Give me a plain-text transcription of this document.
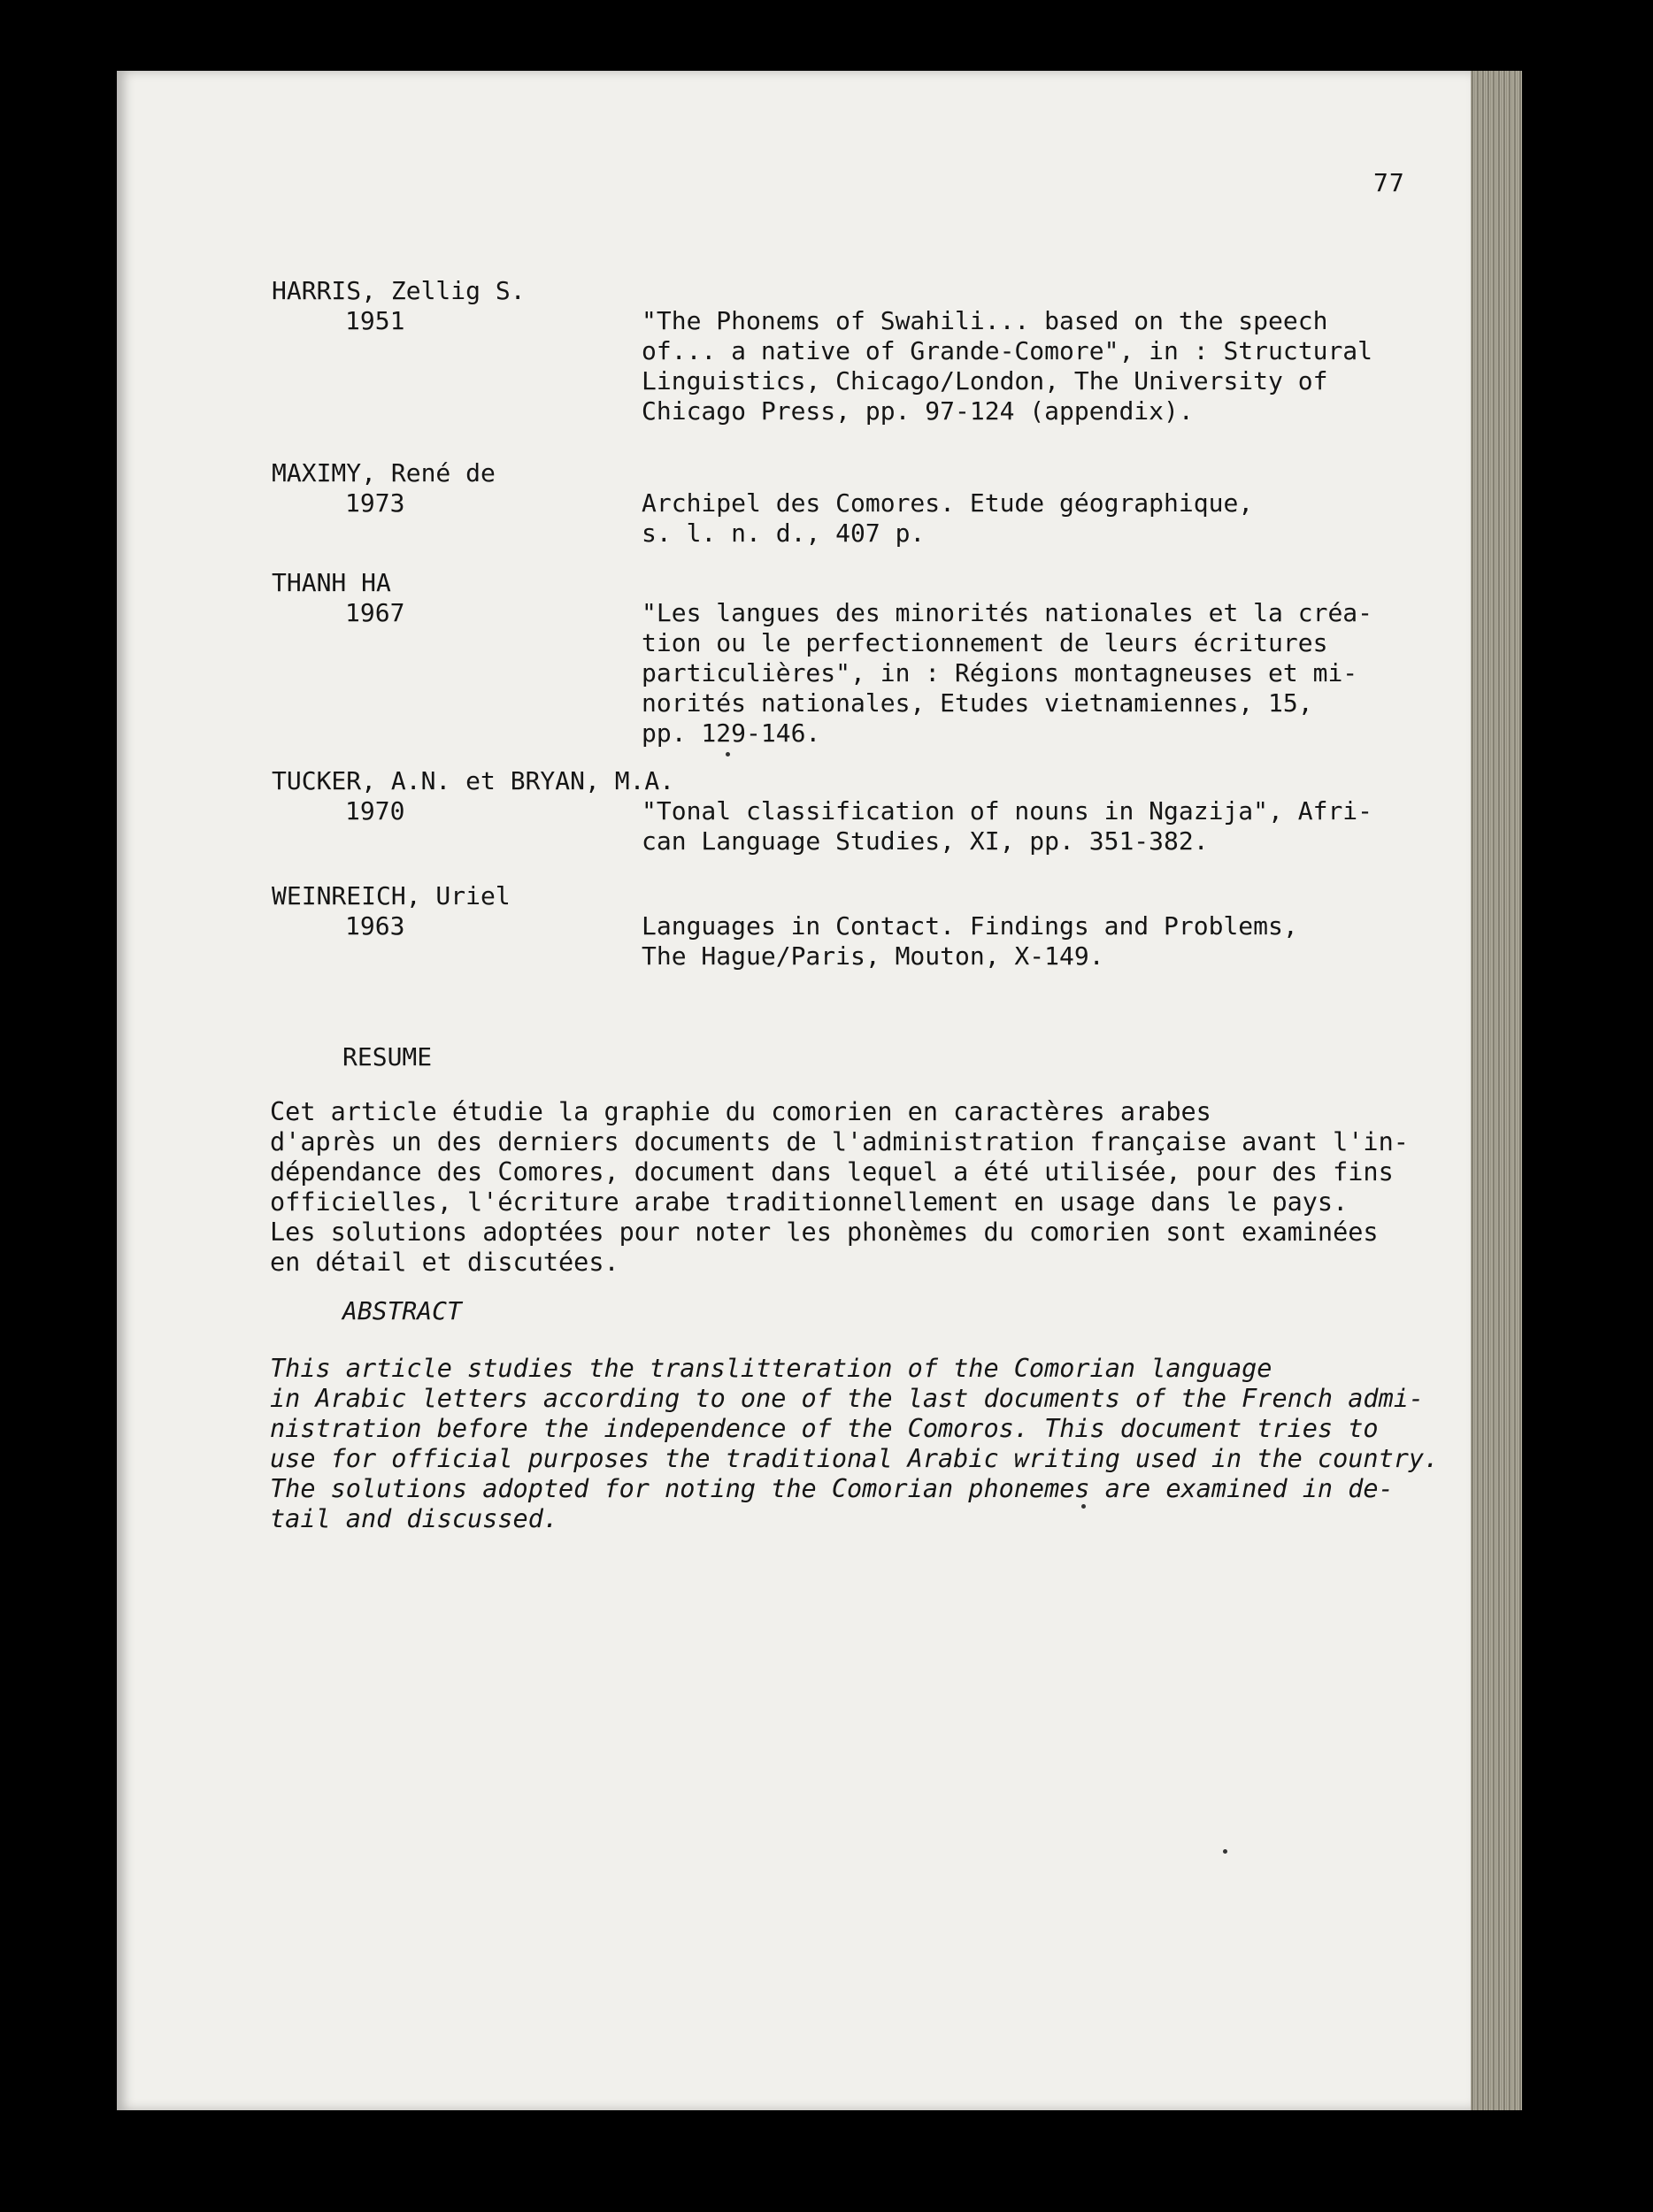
77
HARRIS, Zellig S.
1951	"The Phonems of Swahili... based on the speech
of... a native of Grande-Comore", in : Structural
Linguistics, Chicago/London, The University of
Chicago Press, pp. 97-124 (appendix).
MAXIMY, René de
1973	Archipel des Comores. Etude géographique,
s. l. n. d., 407 p.
THANH HA
1967	"Les langues des minorités nationales et la créa-
tion ou le perfectionnement de leurs écritures
particulières", in : Régions montagneuses et mi-
norités nationales, Etudes vietnamiennes, 15,
pp. 129-146.
TUCKER, A.N. et BRYAN, M.A.
1970	"Tonal classification of nouns in Ngazija", Afri-
can Language Studies, XI, pp. 351-382.
WEINREICH, Uriel
1963	Languages in Contact. Findings and Problems,
The Hague/Paris, Mouton, X-149.
RESUME
Cet article étudie la graphie du comorien en caractères arabes
d'après un des derniers documents de l'administration française avant l'in-
dépendance des Comores, document dans lequel a été utilisée, pour des fins
officielles, l'écriture arabe traditionnellement en usage dans le pays.
Les solutions adoptées pour noter les phonèmes du comorien sont examinées
en détail et discutées.
ABSTRACT
This article studies the translitteration of the Comorian language
in Arabic letters according to one of the last documents of the French admi-
nistration before the independence of the Comoros. This document tries to
use for official purposes the traditional Arabic writing used in the country.
The solutions adopted for noting the Comorian phonemes are examined in de-
tail and discussed.
